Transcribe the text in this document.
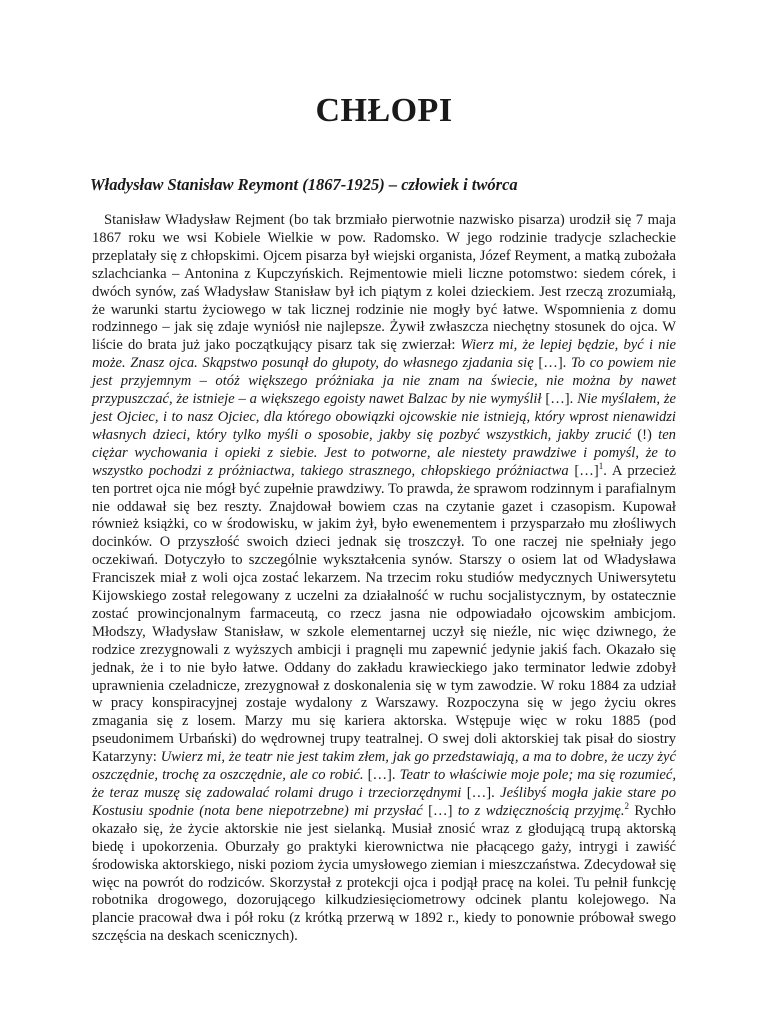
CHŁOPI
Władysław Stanisław Reymont (1867-1925) – człowiek i twórca

Stanisław Władysław Rejment (bo tak brzmiało pierwotnie nazwisko pisarza) urodził się 7 maja 1867 roku we wsi Kobiele Wielkie w pow. Radomsko. W jego rodzinie tradycje szlacheckie przeplatały się z chłopskimi. Ojcem pisarza był wiejski organista, Józef Reyment, a matką zubożała szlachcianka – Antonina z Kupczyńskich. Rejmentowie mieli liczne potomstwo: siedem córek, i dwóch synów, zaś Władysław Stanisław był ich piątym z kolei dzieckiem. Jest rzeczą zrozumiałą, że warunki startu życiowego w tak licznej rodzinie nie mogły być łatwe. Wspomnienia z domu rodzinnego – jak się zdaje wyniósł nie najlepsze. Żywił zwłaszcza niechętny stosunek do ojca. W liście do brata już jako początkujący pisarz tak się zwierzał: Wierz mi, że lepiej będzie, być i nie może. Znasz ojca. Skąpstwo posunął do głupoty, do własnego zjadania się […]. To co powiem nie jest przyjemnym – otóż większego próżniaka ja nie znam na świecie, nie można by nawet przypuszczać, że istnieje – a większego egoisty nawet Balzac by nie wymyślił […]. Nie myślałem, że jest Ojciec, i to nasz Ojciec, dla którego obowiązki ojcowskie nie istnieją, który wprost nienawidzi własnych dzieci, który tylko myśli o sposobie, jakby się pozbyć wszystkich, jakby zrucić (!) ten ciężar wychowania i opieki z siebie. Jest to potworne, ale niestety prawdziwe i pomyśl, że to wszystko pochodzi z próżniactwa, takiego strasznego, chłopskiego próżniactwa […]$^1$. A przecież ten portret ojca nie mógł być zupełnie prawdziwy. To prawda, że sprawom rodzinnym i parafialnym nie oddawał się bez reszty. Znajdował bowiem czas na czytanie gazet i czasopism. Kupował również książki, co w środowisku, w jakim żył, było ewenementem i przysparzało mu złośliwych docinków. O przyszłość swoich dzieci jednak się troszczył. To one raczej nie spełniały jego oczekiwań. Dotyczyło to szczególnie wykształcenia synów. Starszy o osiem lat od Władysława Franciszek miał z woli ojca zostać lekarzem. Na trzecim roku studiów medycznych Uniwersytetu Kijowskiego został relegowany z uczelni za działalność w ruchu socjalistycznym, by ostatecznie zostać prowincjonalnym farmaceutą, co rzecz jasna nie odpowiadało ojcowskim ambicjom. Młodszy, Władysław Stanisław, w szkole elementarnej uczył się nieźle, nic więc dziwnego, że rodzice zrezygnowali z wyższych ambicji i pragnęli mu zapewnić jedynie jakiś fach. Okazało się jednak, że i to nie było łatwe. Oddany do zakładu krawieckiego jako terminator ledwie zdobył uprawnienia czeladnicze, zrezygnował z doskonalenia się w tym zawodzie. W roku 1884 za udział w pracy konspiracyjnej zostaje wydalony z Warszawy. Rozpoczyna się w jego życiu okres zmagania się z losem. Marzy mu się kariera aktorska. Wstępuje więc w roku 1885 (pod pseudonimem Urbański) do wędrownej trupy teatralnej. O swej doli aktorskiej tak pisał do siostry Katarzyny: Uwierz mi, że teatr nie jest takim złem, jak go przedstawiają, a ma to dobre, że uczy żyć oszczędnie, trochę za oszczędnie, ale co robić. […]. Teatr to właściwie moje pole; ma się rozumieć, że teraz muszę się zadowalać rolami drugo i trzeciorzędnymi […]. Jeślibyś mogła jakie stare po Kostusiu spodnie (nota bene niepotrzebne) mi przysłać […] to z wdzięcznością przyjmę.$^2$ Rychło okazało się, że życie aktorskie nie jest sielanką. Musiał znosić wraz z głodującą trupą aktorską biedę i upokorzenia. Oburzały go praktyki kierownictwa nie płacącego gaży, intrygi i zawiść środowiska aktorskiego, niski poziom życia umysłowego ziemian i mieszczaństwa. Zdecydował się więc na powrót do rodziców. Skorzystał z protekcji ojca i podjął pracę na kolei. Tu pełnił funkcję robotnika drogowego, dozorującego kilkudziesięciometrowy odcinek plantu kolejowego. Na plancie pracował dwa i pół roku (z krótką przerwą w 1892 r., kiedy to ponownie próbował swego szczęścia na deskach scenicznych).
